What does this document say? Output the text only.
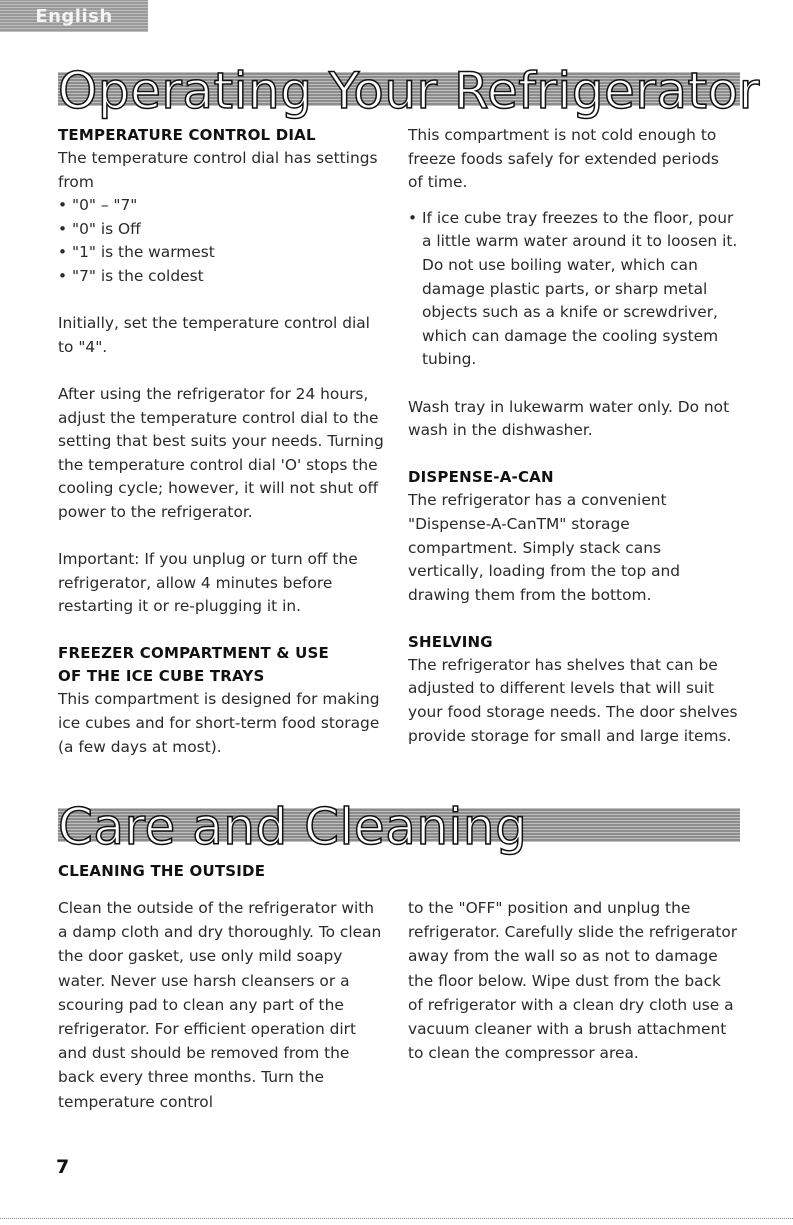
English
Operating Your Refrigerator
TEMPERATURE CONTROL DIAL

The temperature control dial has settings from

• "0" – "7"
• "0" is Off
• "1" is the warmest
• "7" is the coldest

Initially, set the temperature control dial to "4".

After using the refrigerator for 24 hours, adjust the temperature control dial to the setting that best suits your needs. Turning the temperature control dial 'O' stops the cooling cycle; however, it will not shut off power to the refrigerator.

Important: If you unplug or turn off the refrigerator, allow 4 minutes before restarting it or re-plugging it in.

FREEZER COMPARTMENT & USE
OF THE ICE CUBE TRAYS

This compartment is designed for making ice cubes and for short-term food storage (a few days at most).

This compartment is not cold enough to freeze foods safely for extended periods of time.

• If ice cube tray freezes to the floor, pour a little warm water around it to loosen it. Do not use boiling water, which can damage plastic parts, or sharp metal objects such as a knife or screwdriver, which can damage the cooling system tubing.

Wash tray in lukewarm water only. Do not wash in the dishwasher.

DISPENSE-A-CAN

The refrigerator has a convenient "Dispense-A-CanTM" storage compartment. Simply stack cans vertically, loading from the top and drawing them from the bottom.

SHELVING

The refrigerator has shelves that can be adjusted to different levels that will suit your food storage needs. The door shelves provide storage for small and large items.

Care and Cleaning
CLEANING THE OUTSIDE

Clean the outside of the refrigerator with a damp cloth and dry thoroughly. To clean the door gasket, use only mild soapy water. Never use harsh cleansers or a scouring pad to clean any part of the refrigerator. For efficient operation dirt and dust should be removed from the back every three months. Turn the temperature control

to the "OFF" position and unplug the refrigerator. Carefully slide the refrigerator away from the wall so as not to damage the floor below. Wipe dust from the back of refrigerator with a clean dry cloth use a vacuum cleaner with a brush attachment to clean the compressor area.

7
